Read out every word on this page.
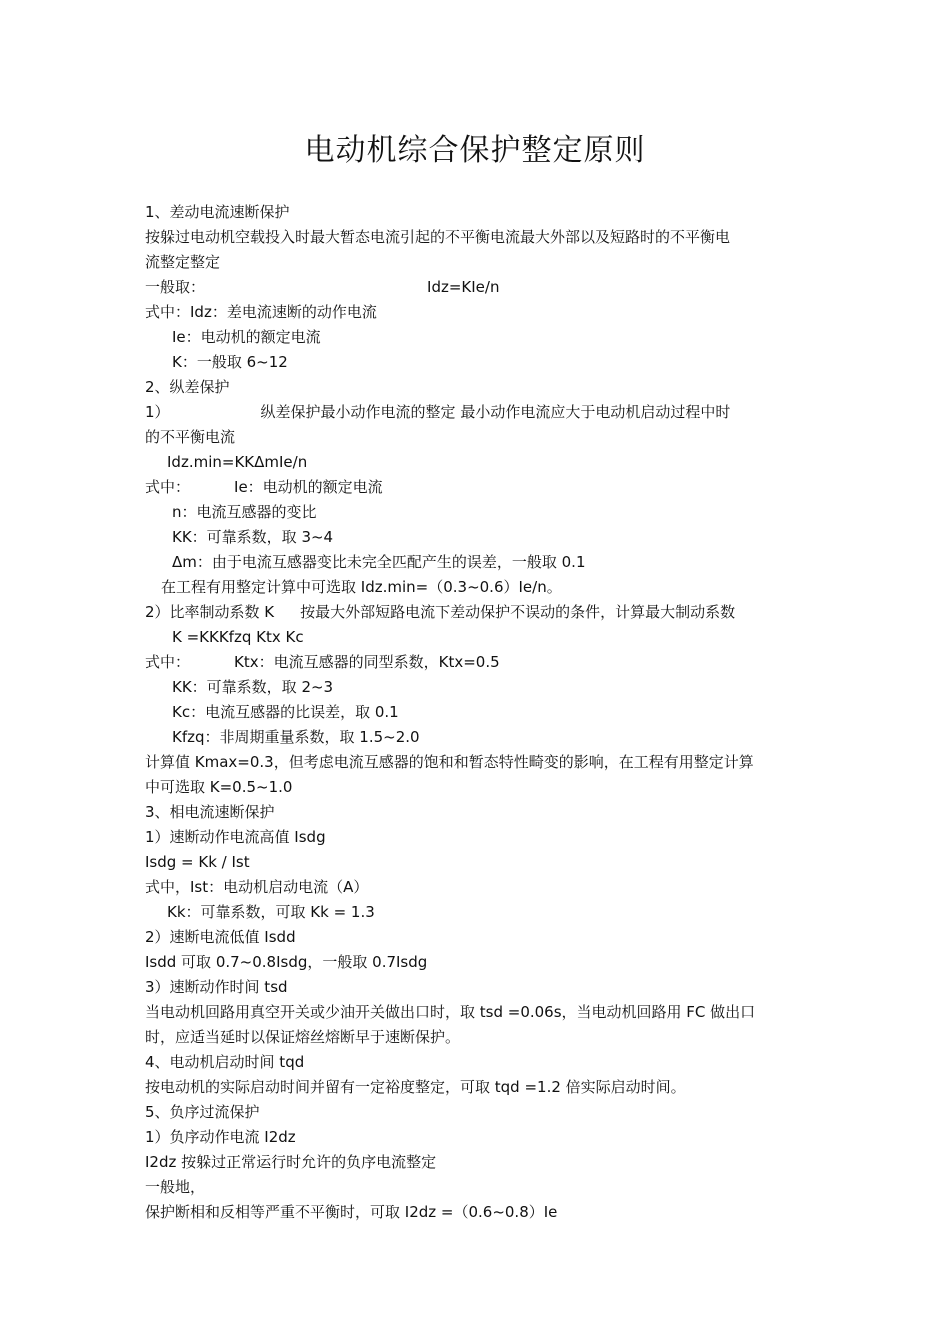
电动机综合保护整定原则
1、差动电流速断保护
按躲过电动机空载投入时最大暂态电流引起的不平衡电流最大外部以及短路时的不平衡电
流整定整定
一般取：	Idz=KIe/n
式中：Idz：差电流速断的动作电流
Ie：电动机的额定电流
K：一般取 6~12
2、纵差保护
1）	纵差保护最小动作电流的整定 最小动作电流应大于电动机启动过程中时
的不平衡电流
Idz.min=KKΔmIe/n
式中：	Ie：电动机的额定电流
n：电流互感器的变比
KK：可靠系数，取 3~4
Δm：由于电流互感器变比未完全匹配产生的误差，一般取 0.1
在工程有用整定计算中可选取 Idz.min=（0.3~0.6）Ie/n。
2）比率制动系数 K 按最大外部短路电流下差动保护不误动的条件，计算最大制动系数
K =KKKfzq Ktx Kc
式中：	Ktx：电流互感器的同型系数，Ktx=0.5
KK：可靠系数，取 2~3
Kc：电流互感器的比误差，取 0.1
Kfzq：非周期重量系数，取 1.5~2.0
计算值 Kmax=0.3，但考虑电流互感器的饱和和暂态特性畸变的影响，在工程有用整定计算
中可选取 K=0.5~1.0
3、相电流速断保护
1）速断动作电流高值 Isdg
Isdg = Kk / Ist
式中，Ist：电动机启动电流（A）
Kk：可靠系数，可取 Kk = 1.3
2）速断电流低值 Isdd
Isdd 可取 0.7~0.8Isdg，一般取 0.7Isdg
3）速断动作时间 tsd
当电动机回路用真空开关或少油开关做出口时，取 tsd =0.06s，当电动机回路用 FC 做出口
时，应适当延时以保证熔丝熔断早于速断保护。
4、电动机启动时间 tqd
按电动机的实际启动时间并留有一定裕度整定，可取 tqd =1.2 倍实际启动时间。
5、负序过流保护
1）负序动作电流 I2dz
I2dz 按躲过正常运行时允许的负序电流整定
一般地，
保护断相和反相等严重不平衡时，可取 I2dz =（0.6~0.8）Ie
